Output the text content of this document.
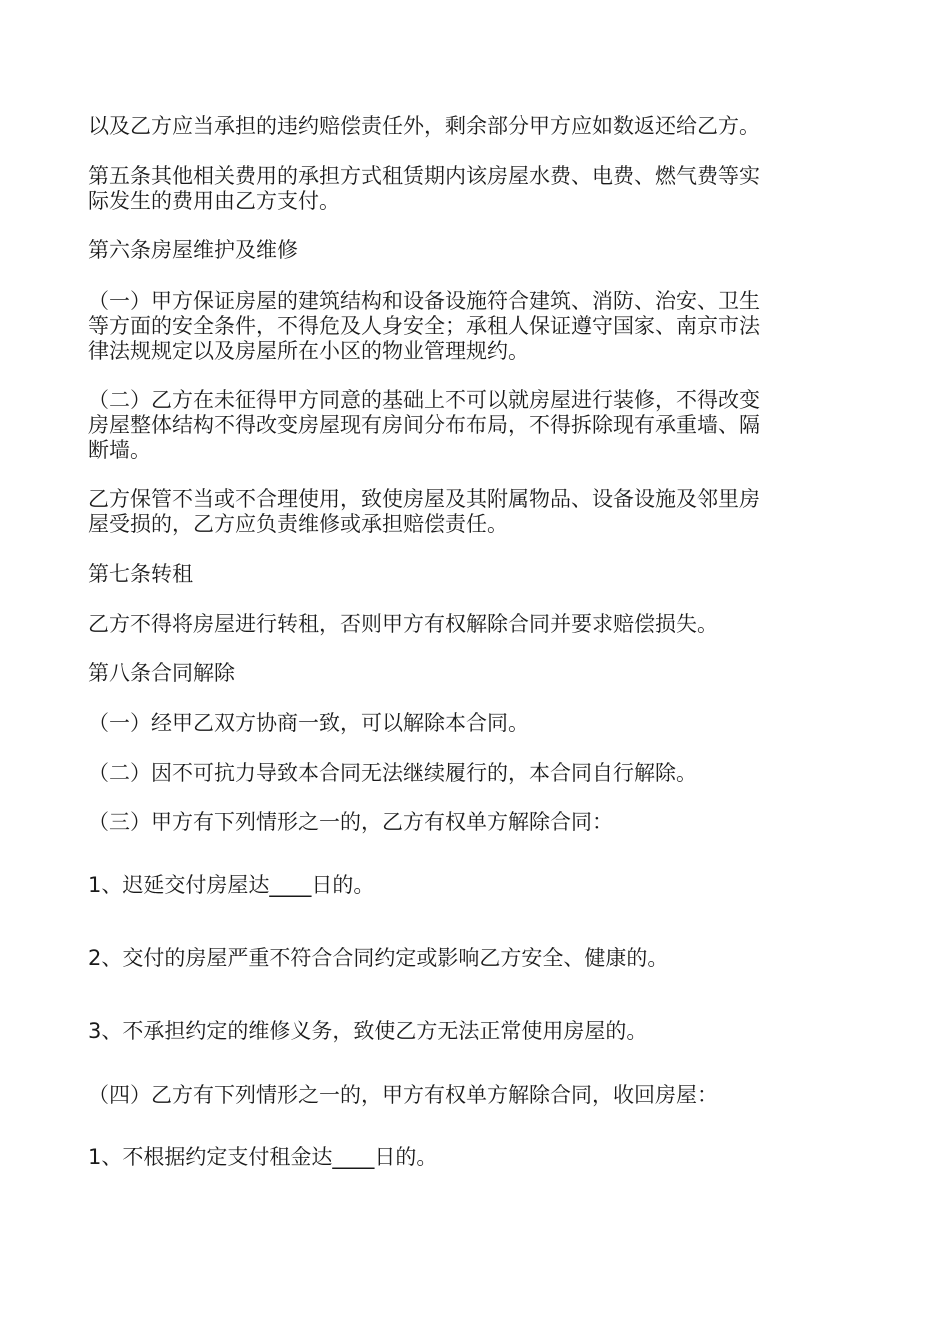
以及乙方应当承担的违约赔偿责任外，剩余部分甲方应如数返还给乙方。

第五条其他相关费用的承担方式租赁期内该房屋水费、电费、燃气费等实
际发生的费用由乙方支付。

第六条房屋维护及维修

（一）甲方保证房屋的建筑结构和设备设施符合建筑、消防、治安、卫生
等方面的安全条件，不得危及人身安全；承租人保证遵守国家、南京市法
律法规规定以及房屋所在小区的物业管理规约。

（二）乙方在未征得甲方同意的基础上不可以就房屋进行装修，不得改变
房屋整体结构不得改变房屋现有房间分布布局，不得拆除现有承重墙、隔
断墙。

乙方保管不当或不合理使用，致使房屋及其附属物品、设备设施及邻里房
屋受损的，乙方应负责维修或承担赔偿责任。

第七条转租

乙方不得将房屋进行转租，否则甲方有权解除合同并要求赔偿损失。

第八条合同解除

（一）经甲乙双方协商一致，可以解除本合同。

（二）因不可抗力导致本合同无法继续履行的，本合同自行解除。

（三）甲方有下列情形之一的，乙方有权单方解除合同：

1、迟延交付房屋达____日的。

2、交付的房屋严重不符合合同约定或影响乙方安全、健康的。

3、不承担约定的维修义务，致使乙方无法正常使用房屋的。

（四）乙方有下列情形之一的，甲方有权单方解除合同，收回房屋：

1、不根据约定支付租金达____日的。
